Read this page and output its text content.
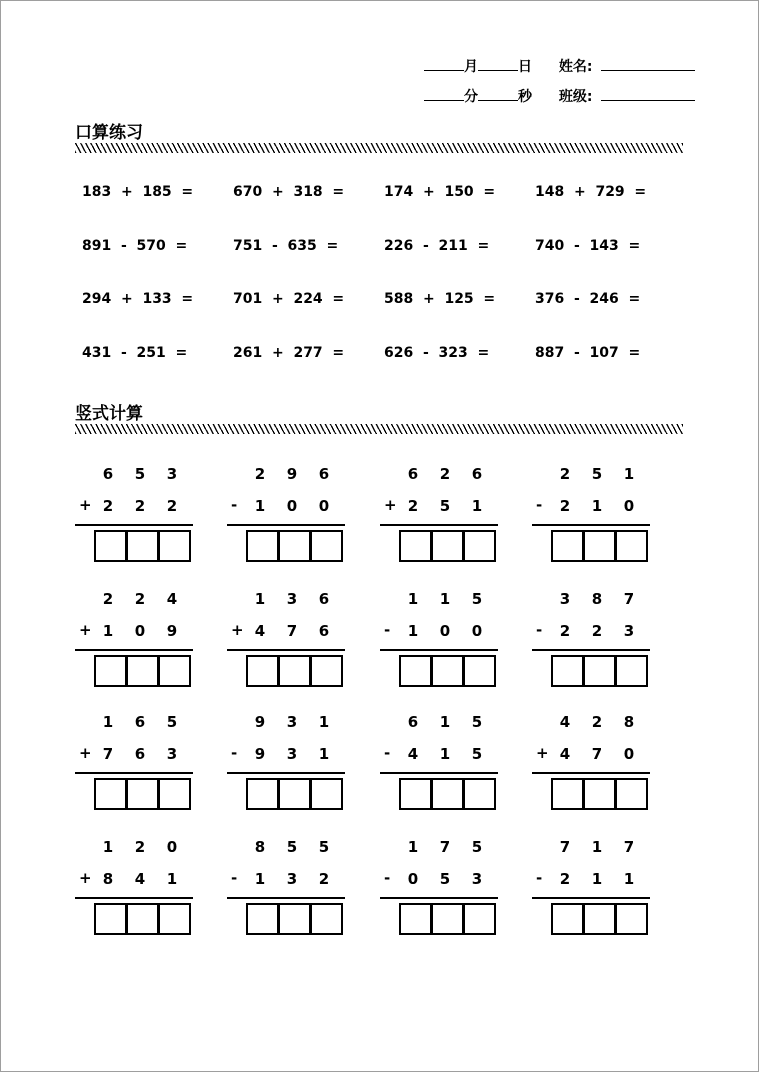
月	日 姓名:
分	秒 班级:
口算练习
183  +  185  =	670  +  318  =	174  +  150  =	148  +  729  =
891  -  570  =	751  -  635  =	226  -  211  =	740  -  143  =
294  +  133  =	701  +  224  =	588  +  125  =	376  -  246  =
431  -  251  =	261  +  277  =	626  -  323  =	887  -  107  =
竖式计算
6 5 3
+ 2 2 2
2 9 6
- 1 0 0
6 2 6
+ 2 5 1
2 5 1
- 2 1 0
2 2 4
+ 1 0 9
1 3 6
+ 4 7 6
1 1 5
- 1 0 0
3 8 7
- 2 2 3
1 6 5
+ 7 6 3
9 3 1
- 9 3 1
6 1 5
- 4 1 5
4 2 8
+ 4 7 0
1 2 0
+ 8 4 1
8 5 5
- 1 3 2
1 7 5
- 0 5 3
7 1 7
- 2 1 1
